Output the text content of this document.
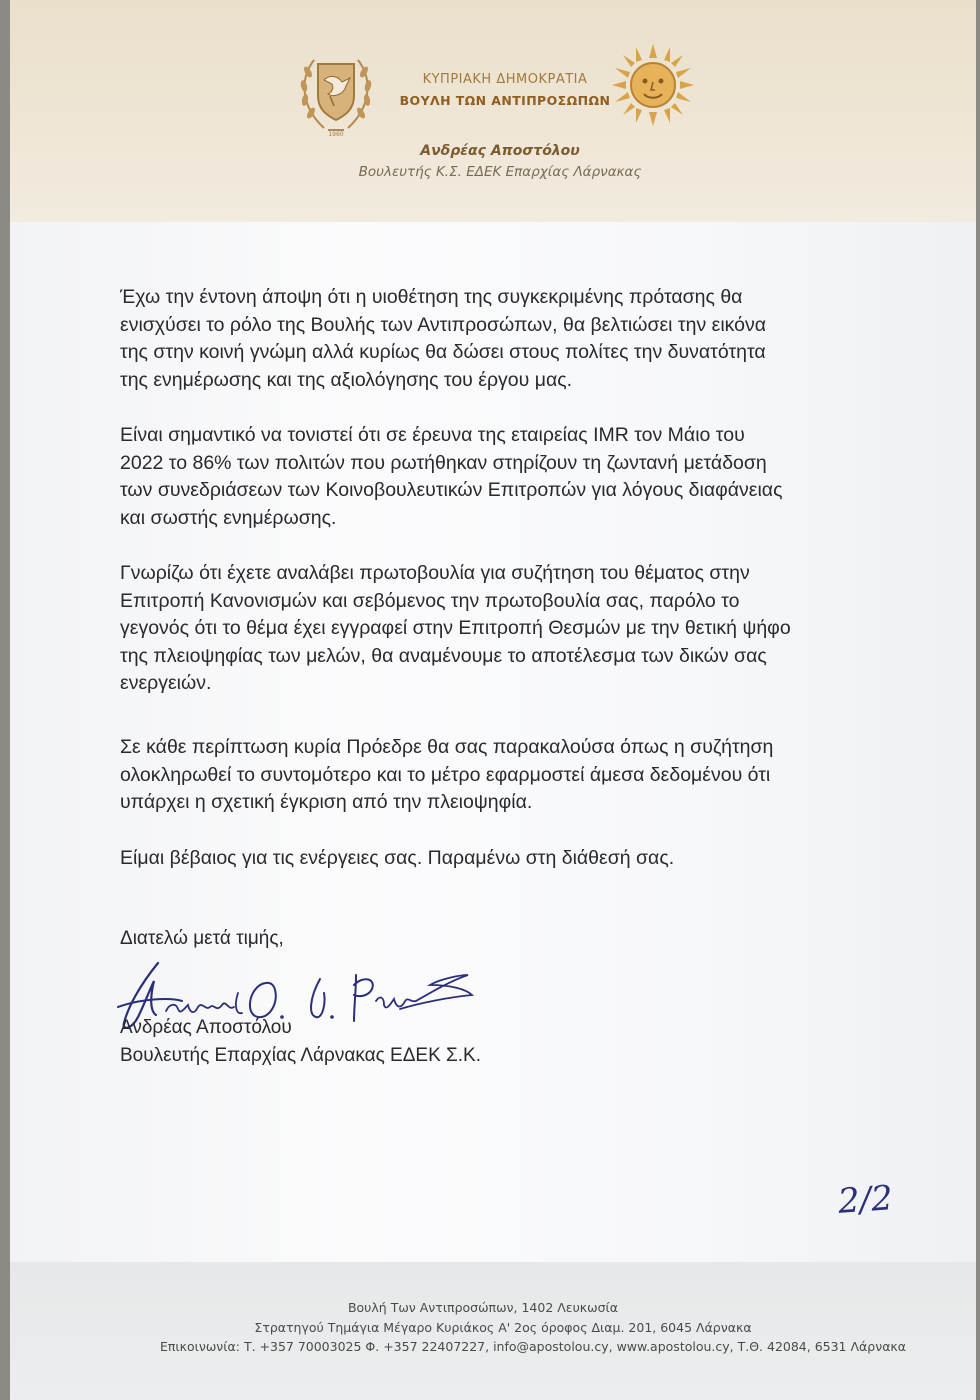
1960
ΚΥΠΡΙΑΚΗ ΔΗΜΟΚΡΑΤΙΑ
ΒΟΥΛΗ ΤΩΝ ΑΝΤΙΠΡΟΣΩΠΩΝ
Ανδρέας Αποστόλου
Βουλευτής Κ.Σ. ΕΔΕΚ Επαρχίας Λάρνακας
Έχω την έντονη άποψη ότι η υιοθέτηση της συγκεκριμένης πρότασης θα
ενισχύσει το ρόλο της Βουλής των Αντιπροσώπων, θα βελτιώσει την εικόνα
της στην κοινή γνώμη αλλά κυρίως θα δώσει στους πολίτες την δυνατότητα
της ενημέρωσης και της αξιολόγησης του έργου μας.
Είναι σημαντικό να τονιστεί ότι σε έρευνα της εταιρείας IMR τον Μάιο του
2022 το 86% των πολιτών που ρωτήθηκαν στηρίζουν τη ζωντανή μετάδοση
των συνεδριάσεων των Κοινοβουλευτικών Επιτροπών για λόγους διαφάνειας
και σωστής ενημέρωσης.
Γνωρίζω ότι έχετε αναλάβει πρωτοβουλία για συζήτηση του θέματος στην
Επιτροπή Κανονισμών και σεβόμενος την πρωτοβουλία σας, παρόλο το
γεγονός ότι το θέμα έχει εγγραφεί στην Επιτροπή Θεσμών με την θετική ψήφο
της πλειοψηφίας των μελών, θα αναμένουμε το αποτέλεσμα των δικών σας
ενεργειών.
Σε κάθε περίπτωση κυρία Πρόεδρε θα σας παρακαλούσα όπως η συζήτηση
ολοκληρωθεί το συντομότερο και το μέτρο εφαρμοστεί άμεσα δεδομένου ότι
υπάρχει η σχετική έγκριση από την πλειοψηφία.
Είμαι βέβαιος για τις ενέργειες σας. Παραμένω στη διάθεσή σας.
Διατελώ μετά τιμής,
Ανδρέας Αποστόλου
Βουλευτής Επαρχίας Λάρνακας ΕΔΕΚ Σ.Κ.
2/2
Βουλή Των Αντιπροσώπων, 1402 Λευκωσία
Στρατηγού Τημάγια Μέγαρο Κυριάκος Α' 2ος όροφος Διαμ. 201, 6045 Λάρνακα
Επικοινωνία: Τ. +357 70003025 Φ. +357 22407227, info@apostolou.cy, www.apostolou.cy, Τ.Θ. 42084, 6531 Λάρνακα
